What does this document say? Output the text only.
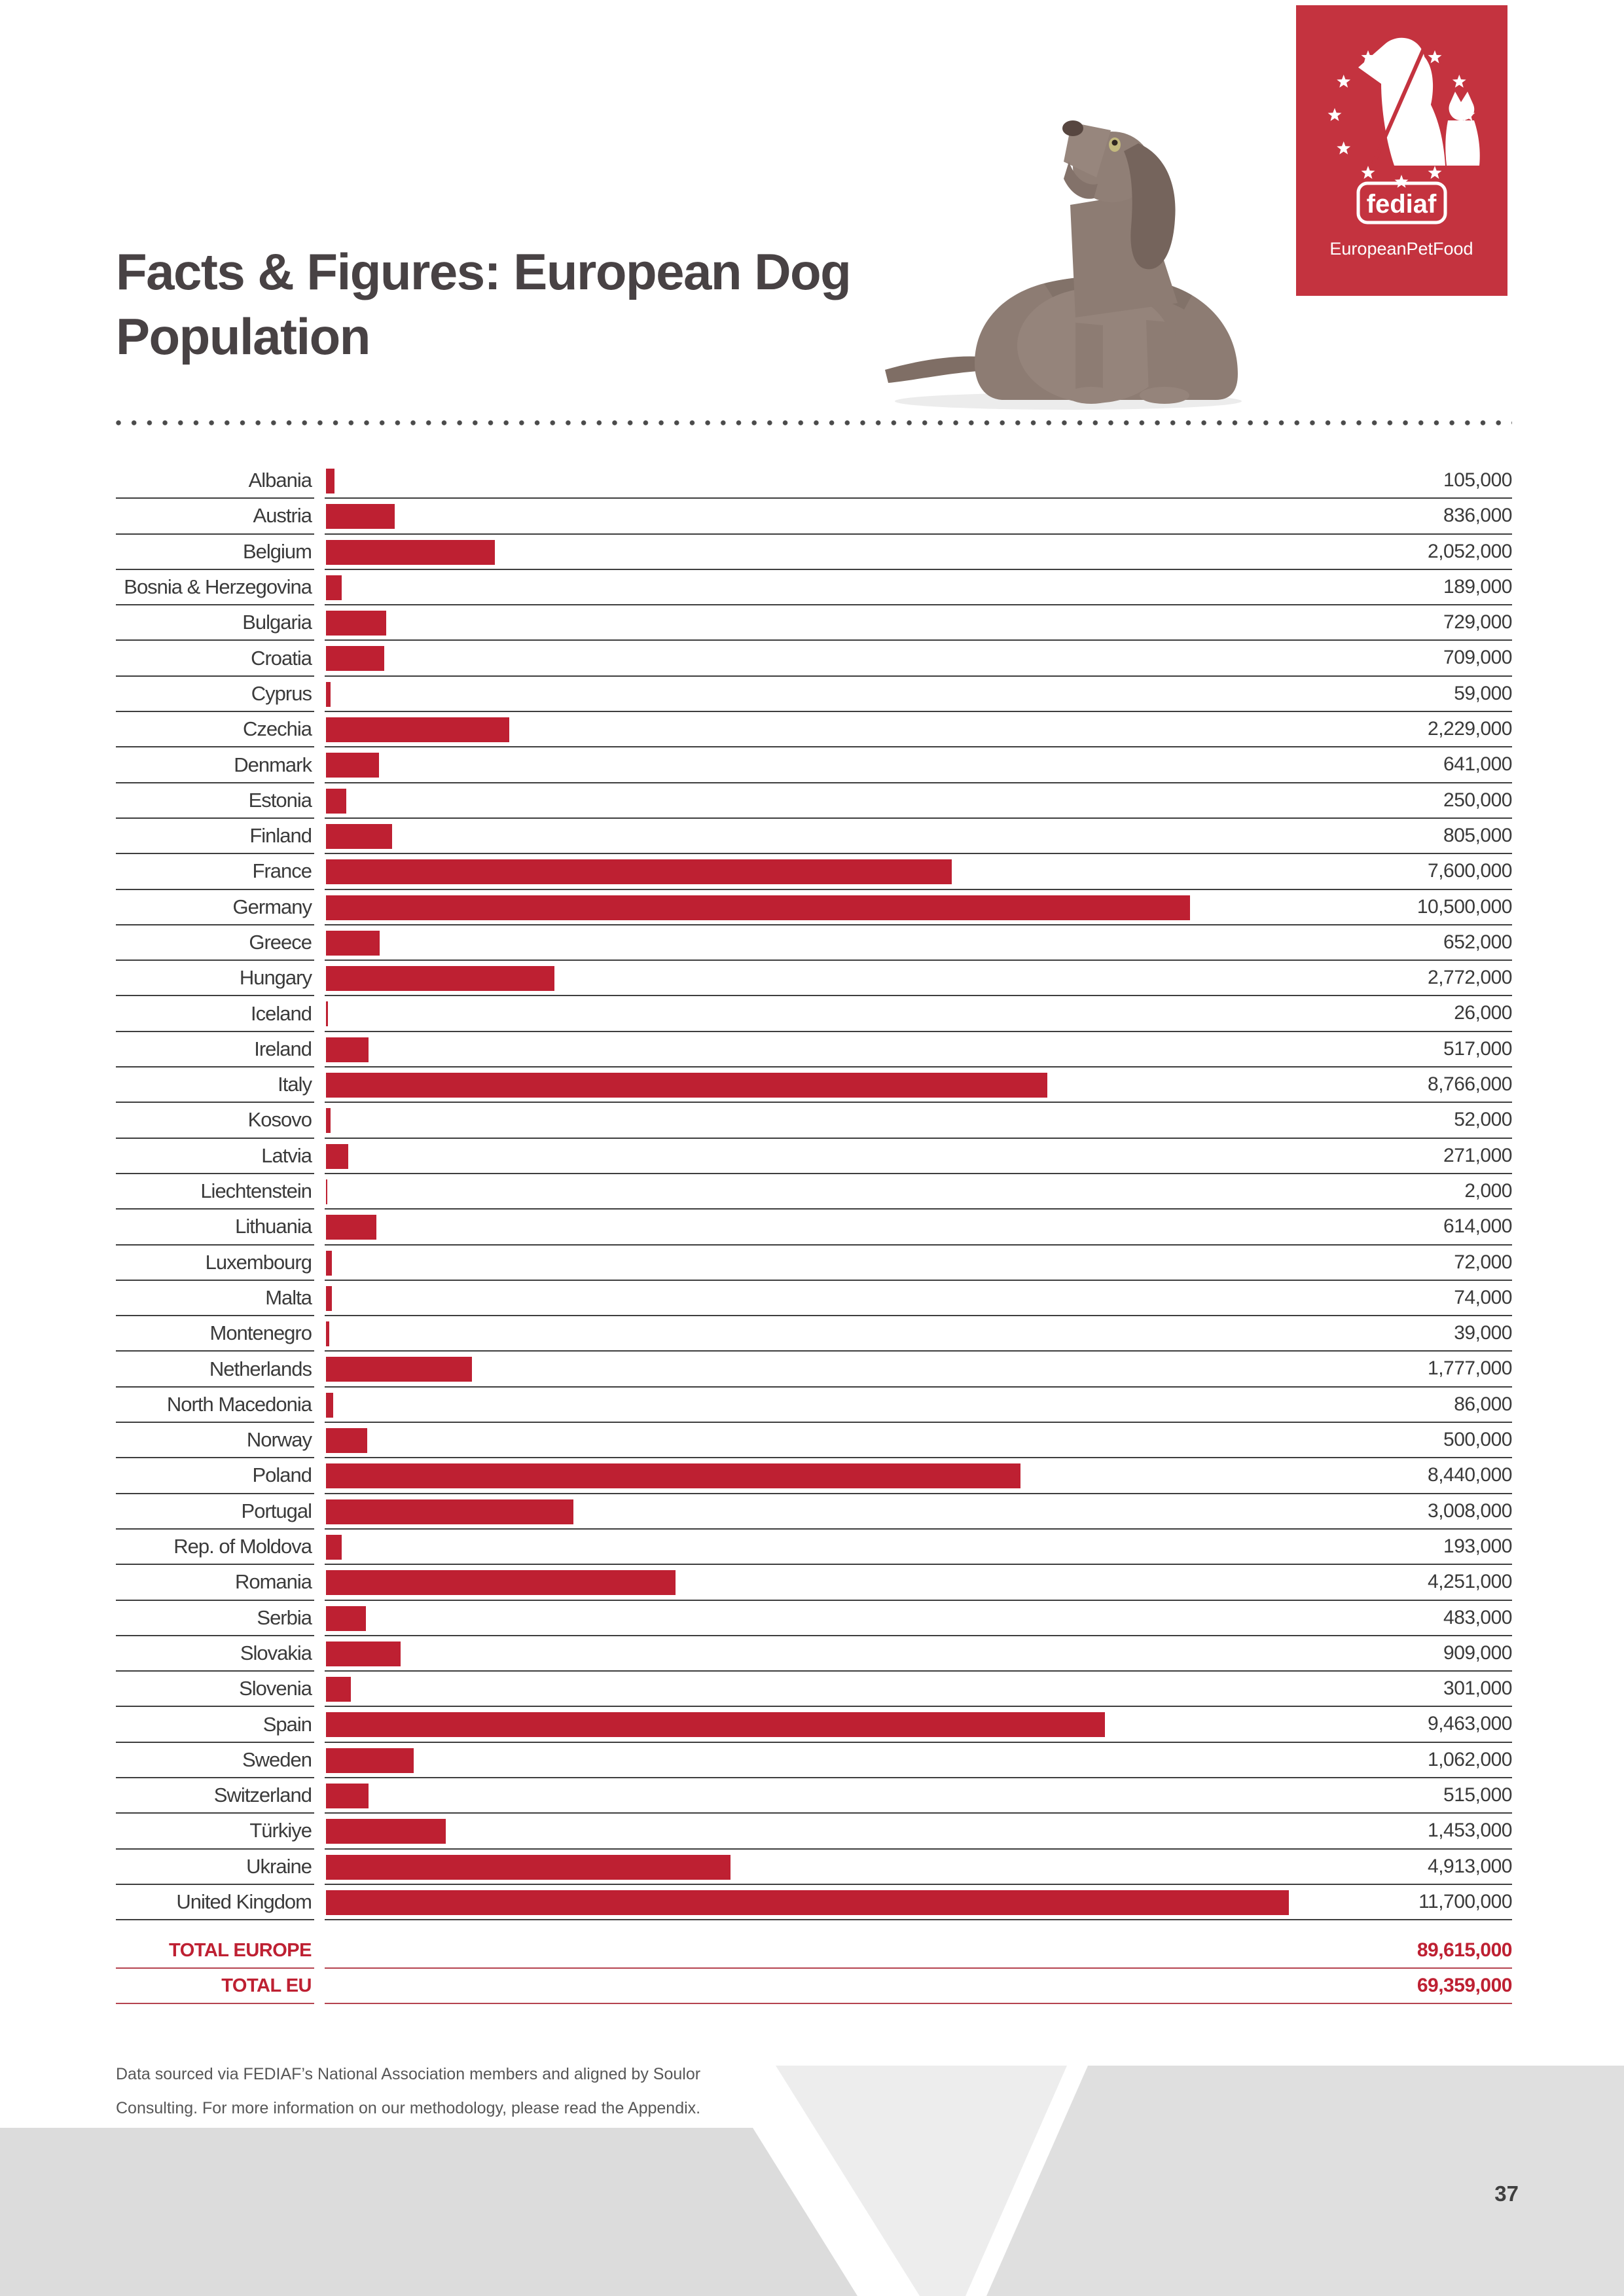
Facts & Figures: European Dog
Population
fediaf
EuropeanPetFood
Albania	105,000
Austria	836,000
Belgium	2,052,000
Bosnia & Herzegovina	189,000
Bulgaria	729,000
Croatia	709,000
Cyprus	59,000
Czechia	2,229,000
Denmark	641,000
Estonia	250,000
Finland	805,000
France	7,600,000
Germany	10,500,000
Greece	652,000
Hungary	2,772,000
Iceland	26,000
Ireland	517,000
Italy	8,766,000
Kosovo	52,000
Latvia	271,000
Liechtenstein	2,000
Lithuania	614,000
Luxembourg	72,000
Malta	74,000
Montenegro	39,000
Netherlands	1,777,000
North Macedonia	86,000
Norway	500,000
Poland	8,440,000
Portugal	3,008,000
Rep. of Moldova	193,000
Romania	4,251,000
Serbia	483,000
Slovakia	909,000
Slovenia	301,000
Spain	9,463,000
Sweden	1,062,000
Switzerland	515,000
Türkiye	1,453,000
Ukraine	4,913,000
United Kingdom	11,700,000
TOTAL EUROPE	89,615,000
TOTAL EU	69,359,000
Data sourced via FEDIAF’s National Association members and aligned by Soulor
Consulting. For more information on our methodology, please read the Appendix.
37
